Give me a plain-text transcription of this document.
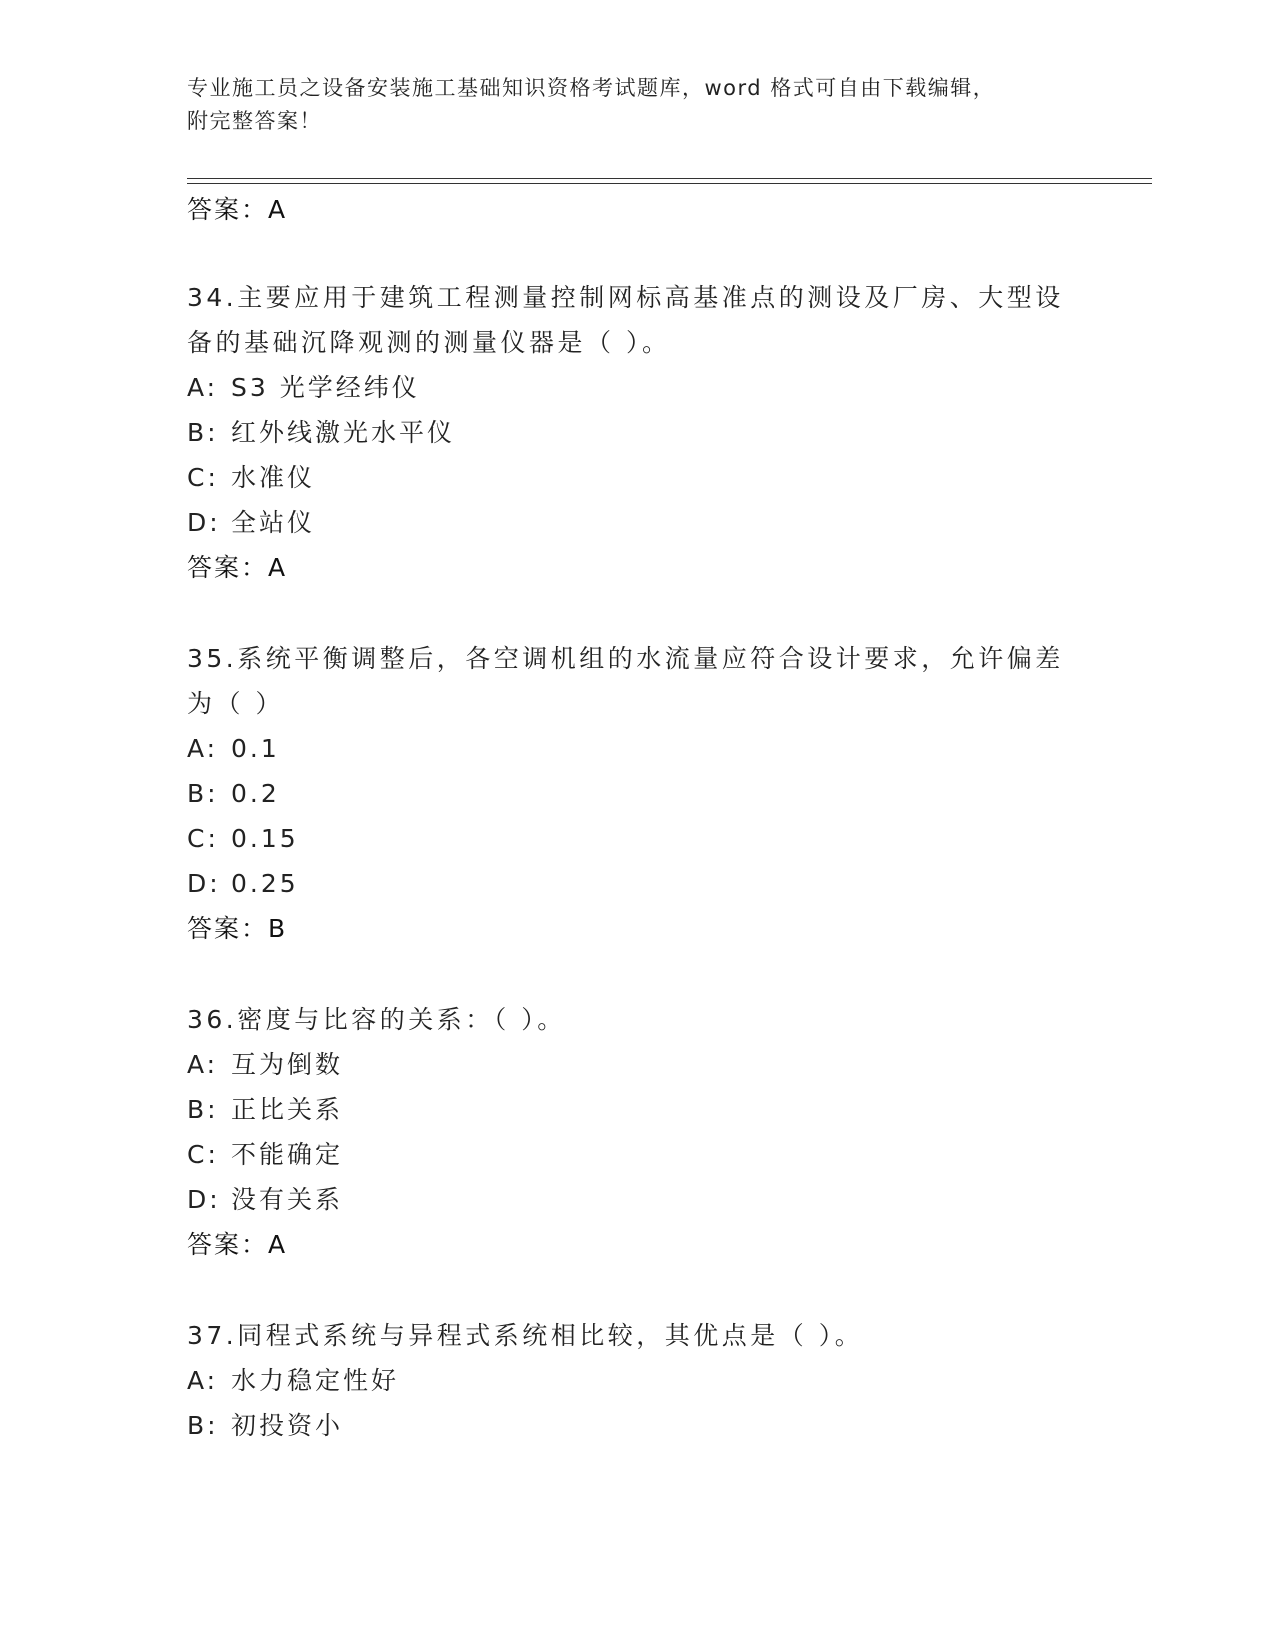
专业施工员之设备安装施工基础知识资格考试题库，word 格式可自由下载编辑，
附完整答案！
答案：A

34.主要应用于建筑工程测量控制网标高基准点的测设及厂房、大型设

备的基础沉降观测的测量仪器是（ ）。

A: S3 光学经纬仪

B: 红外线激光水平仪

C: 水准仪

D: 全站仪

答案：A

35.系统平衡调整后，各空调机组的水流量应符合设计要求，允许偏差

为（ ）

A: 0.1

B: 0.2

C: 0.15

D: 0.25

答案：B

36.密度与比容的关系：（ ）。

A: 互为倒数

B: 正比关系

C: 不能确定

D: 没有关系

答案：A

37.同程式系统与异程式系统相比较，其优点是（ ）。

A: 水力稳定性好

B: 初投资小
